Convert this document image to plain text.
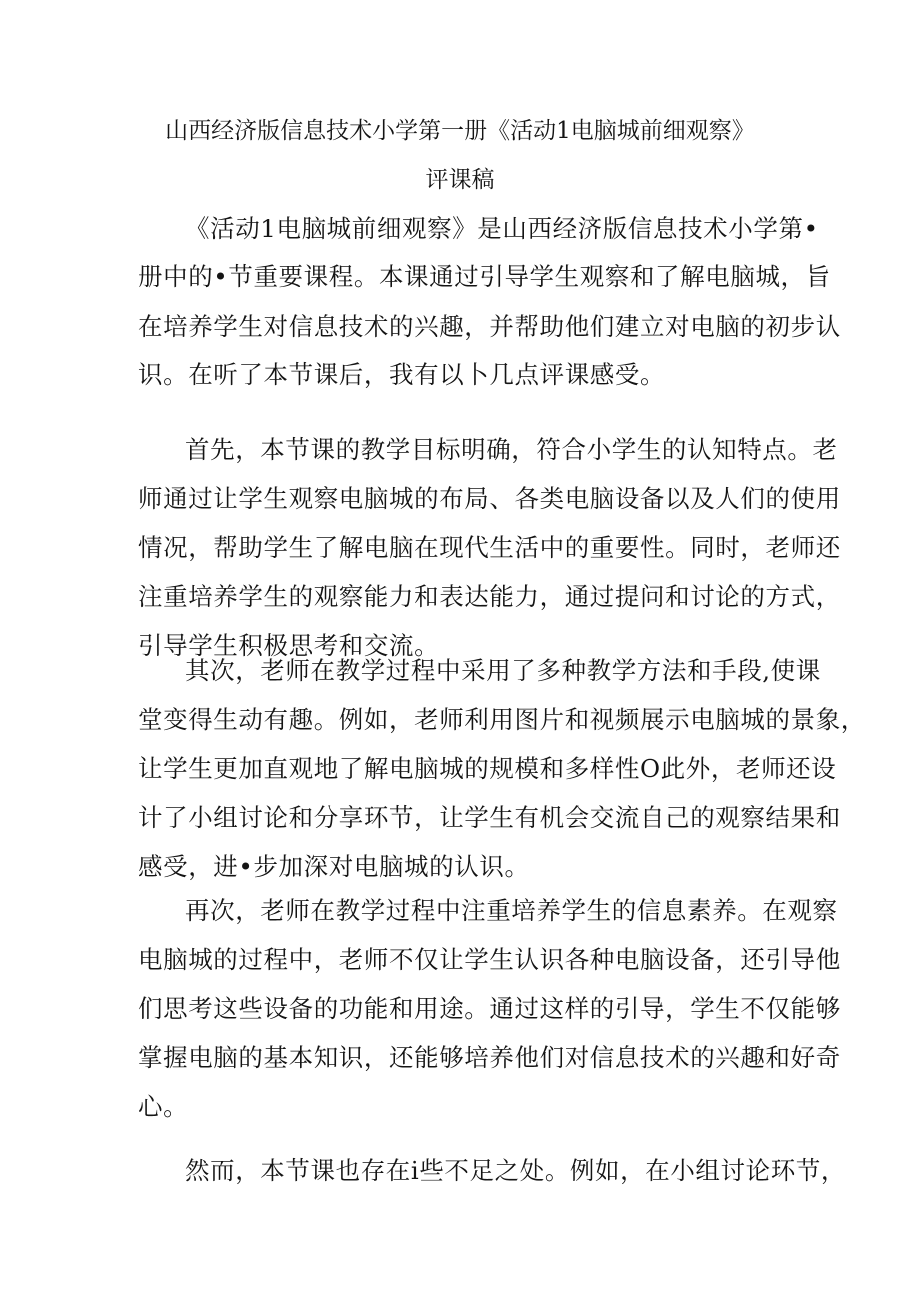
山西经济版信息技术小学第一册《活动1电脑城前细观察》
评课稿
《活动1电脑城前细观察》是山西经济版信息技术小学第•
册中的•节重要课程。本课通过引导学生观察和了解电脑城，旨
在培养学生对信息技术的兴趣，并帮助他们建立对电脑的初步认
识。在听了本节课后，我有以卜几点评课感受。
首先，本节课的教学目标明确，符合小学生的认知特点。老
师通过让学生观察电脑城的布局、各类电脑设备以及人们的使用
情况，帮助学生了解电脑在现代生活中的重要性。同时，老师还
注重培养学生的观察能力和表达能力，通过提问和讨论的方式，
引导学生积极思考和交流。
其次，老师在教学过程中采用了多种教学方法和手段,使课
堂变得生动有趣。例如，老师利用图片和视频展示电脑城的景象，
让学生更加直观地了解电脑城的规模和多样性O此外，老师还设
计了小组讨论和分享环节，让学生有机会交流自己的观察结果和
感受，进•步加深对电脑城的认识。
再次，老师在教学过程中注重培养学生的信息素养。在观察
电脑城的过程中，老师不仅让学生认识各种电脑设备，还引导他
们思考这些设备的功能和用途。通过这样的引导，学生不仅能够
掌握电脑的基本知识，还能够培养他们对信息技术的兴趣和好奇
心。
然而，本节课也存在i些不足之处。例如，在小组讨论环节，
